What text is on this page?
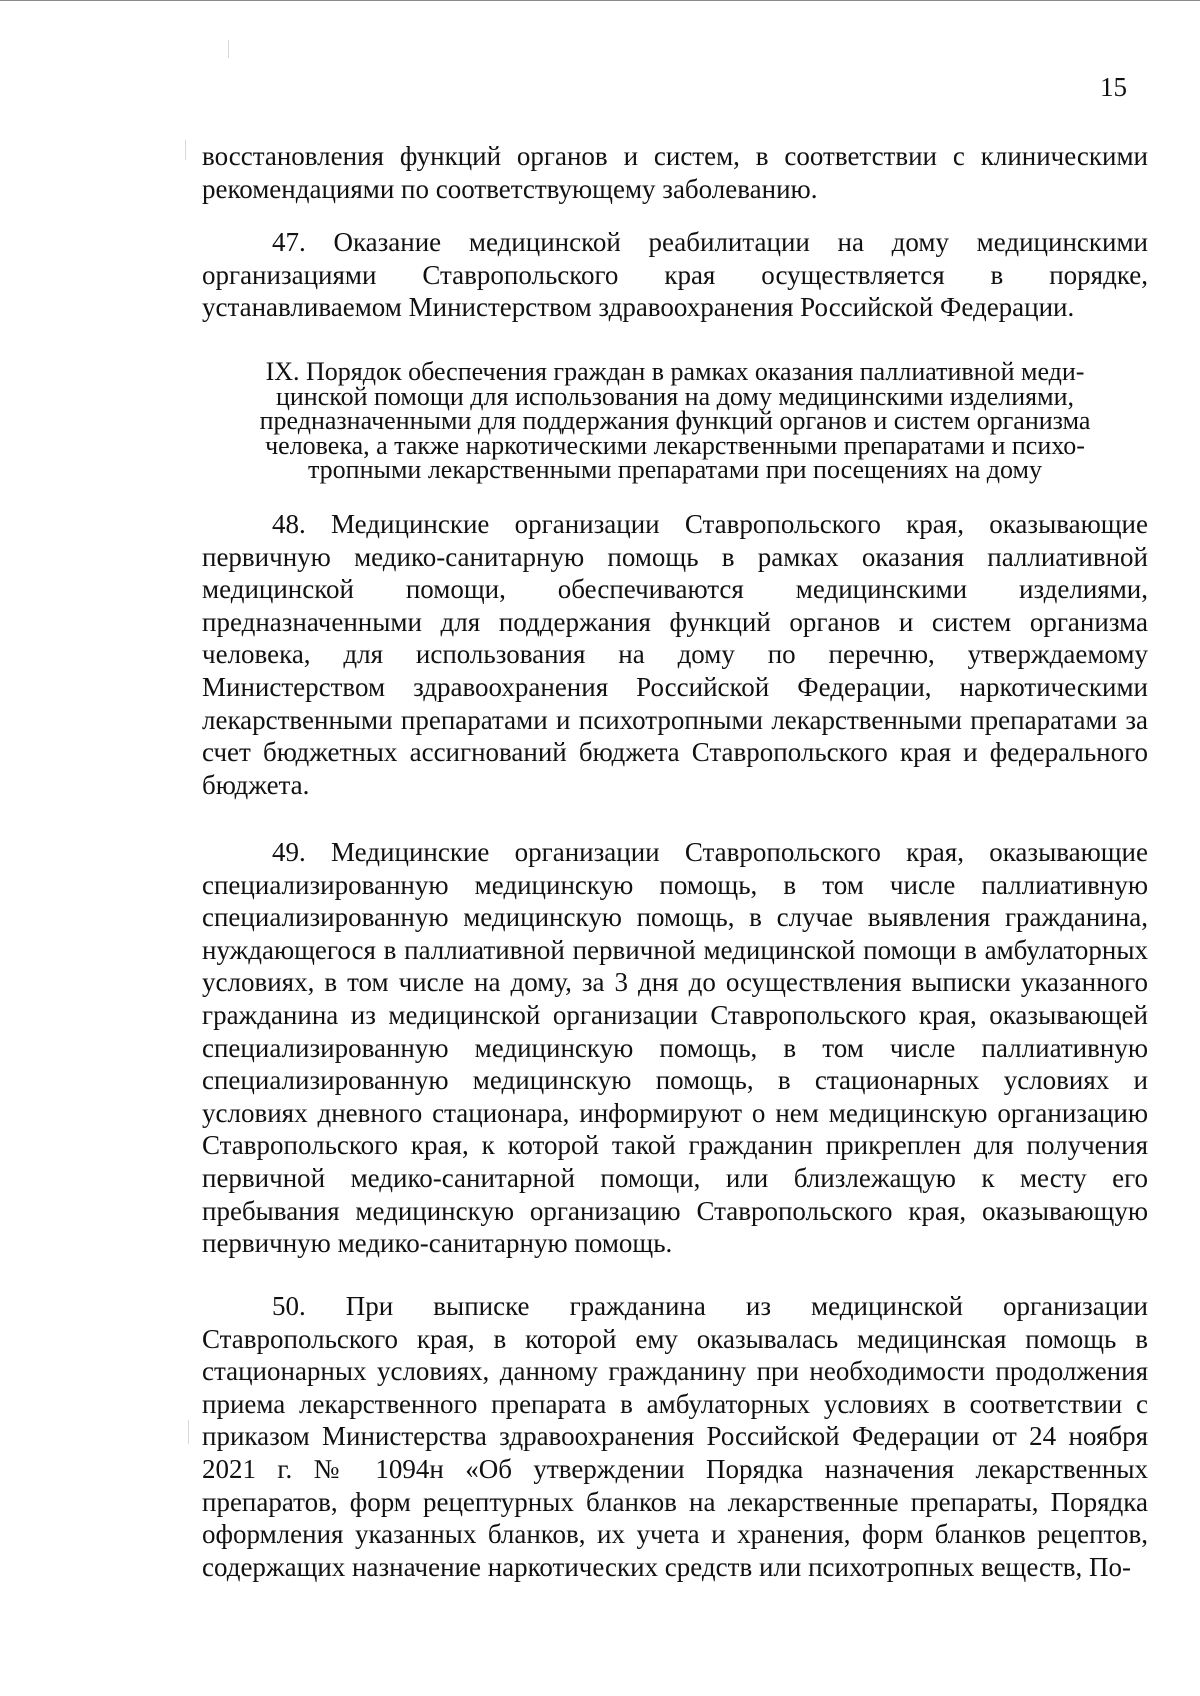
15

восстановления функций органов и систем, в соответствии с клиническими рекомендациями по соответствующему заболеванию.

47. Оказание медицинской реабилитации на дому медицинскими организациями Ставропольского края осуществляется в порядке, устанавливаемом Министерством здравоохранения Российской Федерации.

IX. Порядок обеспечения граждан в рамках оказания паллиативной меди-
цинской помощи для использования на дому медицинскими изделиями,
предназначенными для поддержания функций органов и систем организма
человека, а также наркотическими лекарственными препаратами и психо-
тропными лекарственными препаратами при посещениях на дому

48. Медицинские организации Ставропольского края, оказывающие первичную медико-санитарную помощь в рамках оказания паллиативной медицинской помощи, обеспечиваются медицинскими изделиями, предназначенными для поддержания функций органов и систем организма человека, для использования на дому по перечню, утверждаемому Министерством здравоохранения Российской Федерации, наркотическими лекарственными препаратами и психотропными лекарственными препаратами за счет бюджетных ассигнований бюджета Ставропольского края и федерального бюджета.

49. Медицинские организации Ставропольского края, оказывающие специализированную медицинскую помощь, в том числе паллиативную специализированную медицинскую помощь, в случае выявления гражданина, нуждающегося в паллиативной первичной медицинской помощи в амбулаторных условиях, в том числе на дому, за 3 дня до осуществления выписки указанного гражданина из медицинской организации Ставропольского края, оказывающей специализированную медицинскую помощь, в том числе паллиативную специализированную медицинскую помощь, в стационарных условиях и условиях дневного стационара, информируют о нем медицинскую организацию Ставропольского края, к которой такой гражданин прикреплен для получения первичной медико-санитарной помощи, или близлежащую к месту его пребывания медицинскую организацию Ставропольского края, оказывающую первичную медико-санитарную помощь.

50. При выписке гражданина из медицинской организации Ставропольского края, в которой ему оказывалась медицинская помощь в стационарных условиях, данному гражданину при необходимости продолжения приема лекарственного препарата в амбулаторных условиях в соответствии с приказом Министерства здравоохранения Российской Федерации от 24 ноября 2021 г. № 1094н «Об утверждении Порядка назначения лекарственных препаратов, форм рецептурных бланков на лекарственные препараты, Порядка оформления указанных бланков, их учета и хранения, форм бланков рецептов, содержащих назначение наркотических средств или психотропных веществ, По-
